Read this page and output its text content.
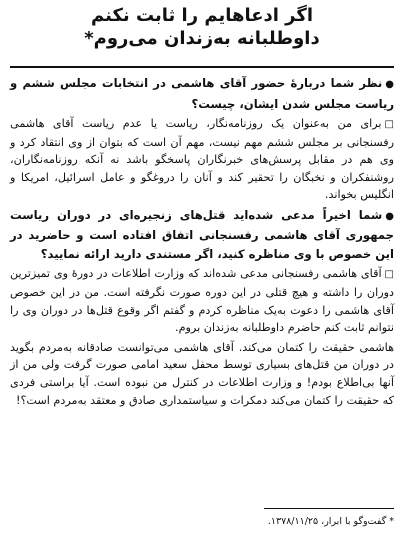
اگر ادعاهایم را ثابت نکنم
داوطلبانه به‌زندان می‌روم*

●نظر شما دربارهٔ حضور آقای هاشمی در انتخابات مجلس ششم و ریاست مجلس شدن ایشان، چیست؟

□برای من به‌عنوان یک روزنامه‌نگار، ریاست یا عدم ریاست آقای هاشمی رفسنجانی بر مجلس ششم مهم نیست، مهم آن است که بتوان از وی انتقاد کرد و وی هم در مقابل پرسش‌های خبرنگاران پاسخگو باشد نه آنکه روزنامه‌نگاران، روشنفکران و نخبگان را تحقیر کند و آنان را دروغگو و عامل اسرائیل، امریکا و انگلیس بخواند.

●شما اخیراً مدعی شده‌اید قتل‌های زنجیره‌ای در دوران ریاست جمهوری آقای هاشمی رفسنجانی اتفاق افتاده است و حاضرید در این خصوص با وی مناظره کنید، اگر مستندی دارید ارائه نمایید؟

□آقای هاشمی رفسنجانی مدعی شده‌اند که وزارت اطلاعات در دورهٔ وی تمیزترین دوران را داشته و هیچ قتلی در این دوره صورت نگرفته است. من در این خصوص آقای هاشمی را دعوت به‌یک مناظره کردم و گفتم اگر وقوع قتل‌ها در دوران وی را نتوانم ثابت کنم حاضرم داوطلبانه به‌زندان بروم.

هاشمی حقیقت را کتمان می‌کند. آقای هاشمی می‌توانست صادقانه به‌مردم بگوید در دوران من قتل‌های بسیاری توسط محفل سعید امامی صورت گرفت ولی من از آنها بی‌اطلاع بودم! و وزارت اطلاعات در کنترل من نبوده است. آیا براستی فردی که حقیقت را کتمان می‌کند دمکرات و سیاستمداری صادق و معتقد به‌مردم است؟!

* گفت‌وگو با ابرار، ۱۳۷۸/۱۱/۲۵.
